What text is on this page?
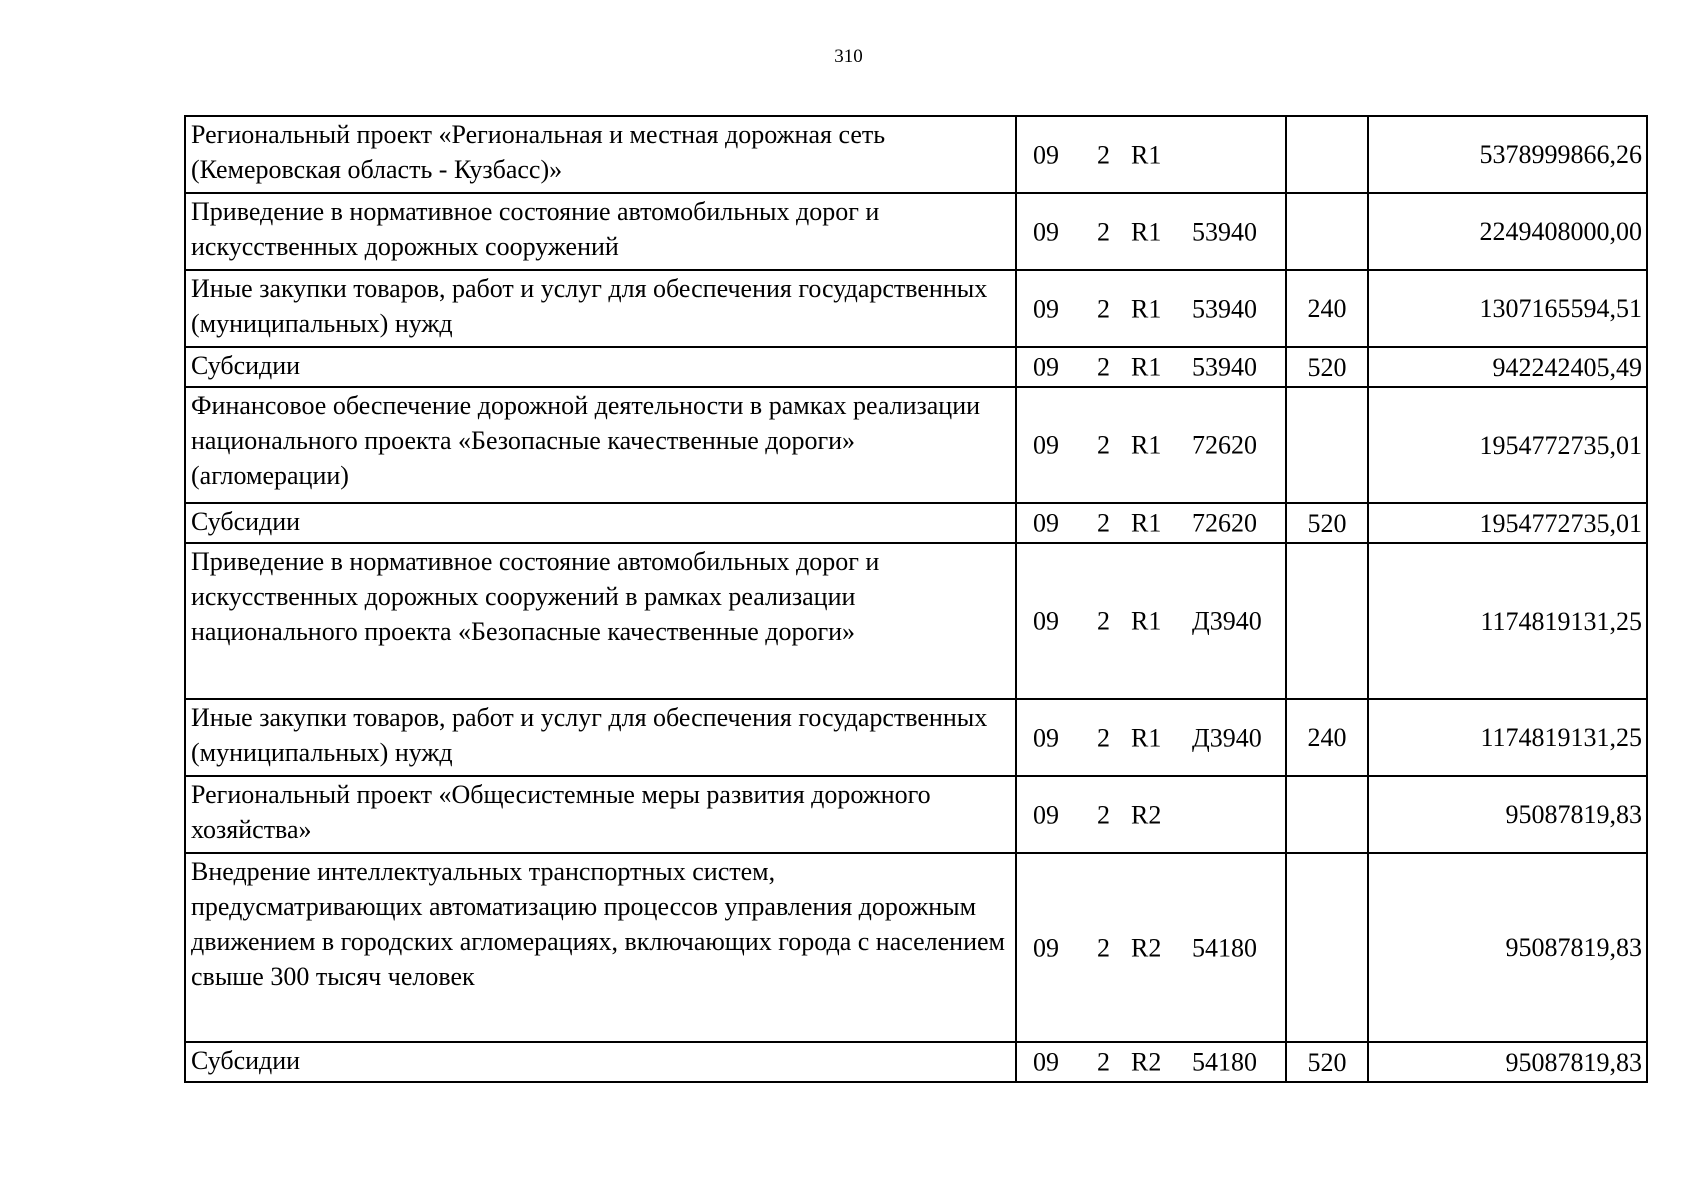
310
Региональный проект «Региональная и местная дорожная сеть (Кемеровская область - Кузбасс)»	09 2 R1		5378999866,26
Приведение в нормативное состояние автомобильных дорог и искусственных дорожных сооружений	09 2 R1 53940		2249408000,00
Иные закупки товаров, работ и услуг для обеспечения государственных (муниципальных) нужд	09 2 R1 53940	240	1307165594,51
Субсидии	09 2 R1 53940	520	942242405,49
Финансовое обеспечение дорожной деятельности в рамках реализации национального проекта «Безопасные качественные дороги» (агломерации)	09 2 R1 72620		1954772735,01
Субсидии	09 2 R1 72620	520	1954772735,01
Приведение в нормативное состояние автомобильных дорог и искусственных дорожных сооружений в рамках реализации национального проекта «Безопасные качественные дороги»	09 2 R1 Д3940		1174819131,25
Иные закупки товаров, работ и услуг для обеспечения государственных (муниципальных) нужд	09 2 R1 Д3940	240	1174819131,25
Региональный проект «Общесистемные меры развития дорожного хозяйства»	09 2 R2		95087819,83
Внедрение интеллектуальных транспортных систем, предусматривающих автоматизацию процессов управления дорожным движением в городских агломерациях, включающих города с населением свыше 300 тысяч человек	09 2 R2 54180		95087819,83
Субсидии	09 2 R2 54180	520	95087819,83
